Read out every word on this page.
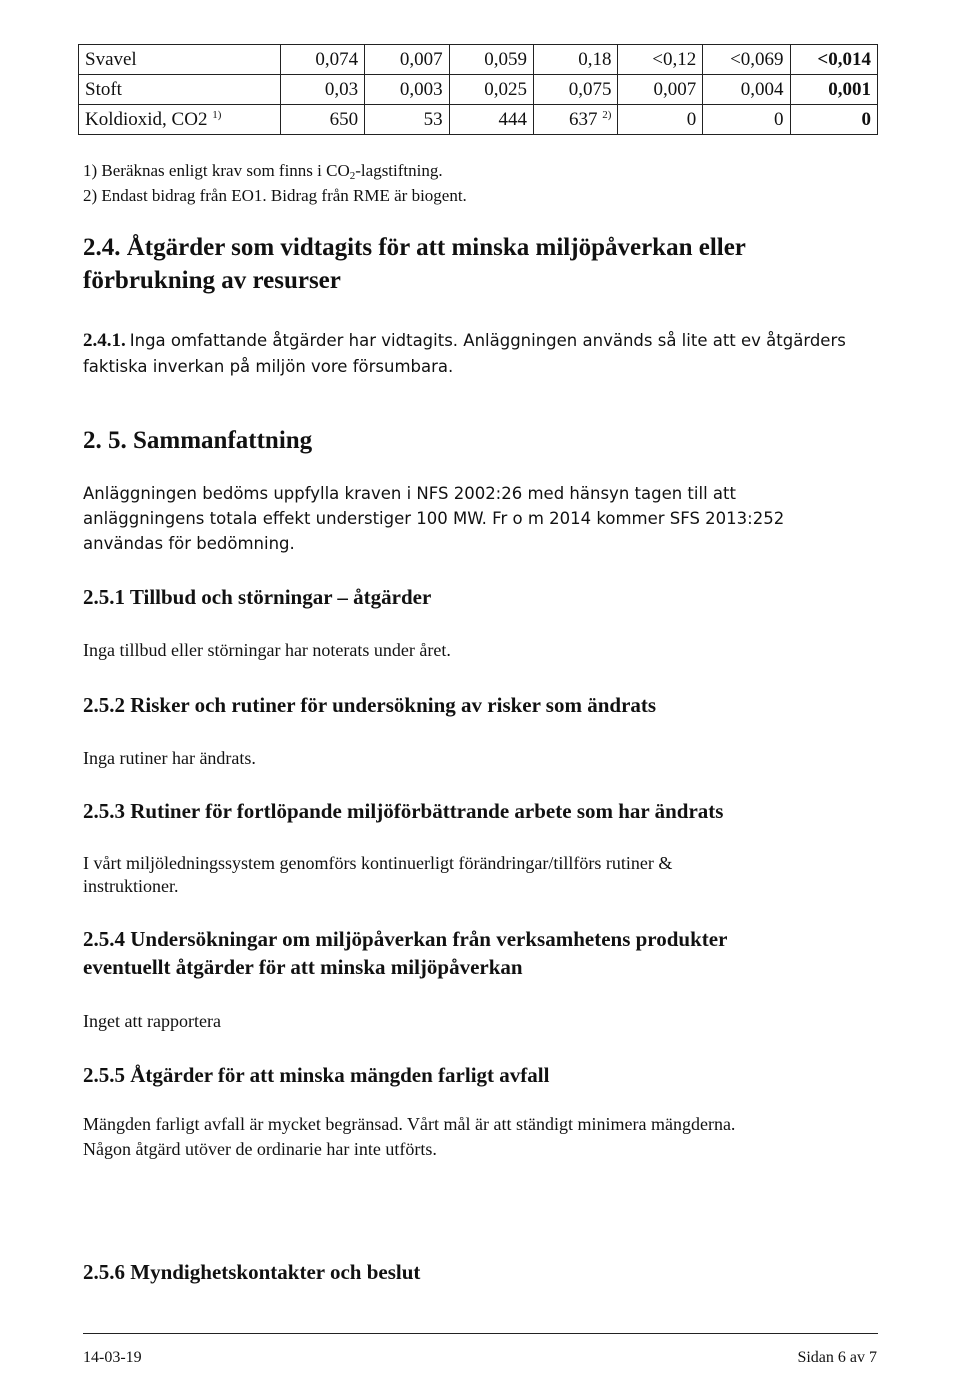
Svavel	0,074	0,007	0,059	0,18	<0,12	<0,069	<0,014
Stoft	0,03	0,003	0,025	0,075	0,007	0,004	0,001
Koldioxid, CO2 $^{1)}$	650	53	444	637 $^{2)}$	0	0	0
1) Beräknas enligt krav som finns i $CO_2$-lagstiftning.
2) Endast bidrag från EO1. Bidrag från RME är biogent.
2.4. Åtgärder som vidtagits för att minska miljöpåverkan eller
förbrukning av resurser
2.4.1. Inga omfattande åtgärder har vidtagits. Anläggningen används så lite att ev åtgärders
faktiska inverkan på miljön vore försumbara.
2. 5. Sammanfattning
Anläggningen bedöms uppfylla kraven i NFS 2002:26 med hänsyn tagen till att
anläggningens totala effekt understiger 100 MW. Fr o m 2014 kommer SFS 2013:252
användas för bedömning.
2.5.1 Tillbud och störningar – åtgärder
Inga tillbud eller störningar har noterats under året.
2.5.2 Risker och rutiner för undersökning av risker som ändrats
Inga rutiner har ändrats.
2.5.3 Rutiner för fortlöpande miljöförbättrande arbete som har ändrats
I vårt miljöledningssystem genomförs kontinuerligt förändringar/tillförs rutiner &
instruktioner.
2.5.4 Undersökningar om miljöpåverkan från verksamhetens produkter
eventuellt åtgärder för att minska miljöpåverkan
Inget att rapportera
2.5.5 Åtgärder för att minska mängden farligt avfall
Mängden farligt avfall är mycket begränsad. Vårt mål är att ständigt minimera mängderna.
Någon åtgärd utöver de ordinarie har inte utförts.
2.5.6 Myndighetskontakter och beslut
14-03-19	Sidan 6 av 7
